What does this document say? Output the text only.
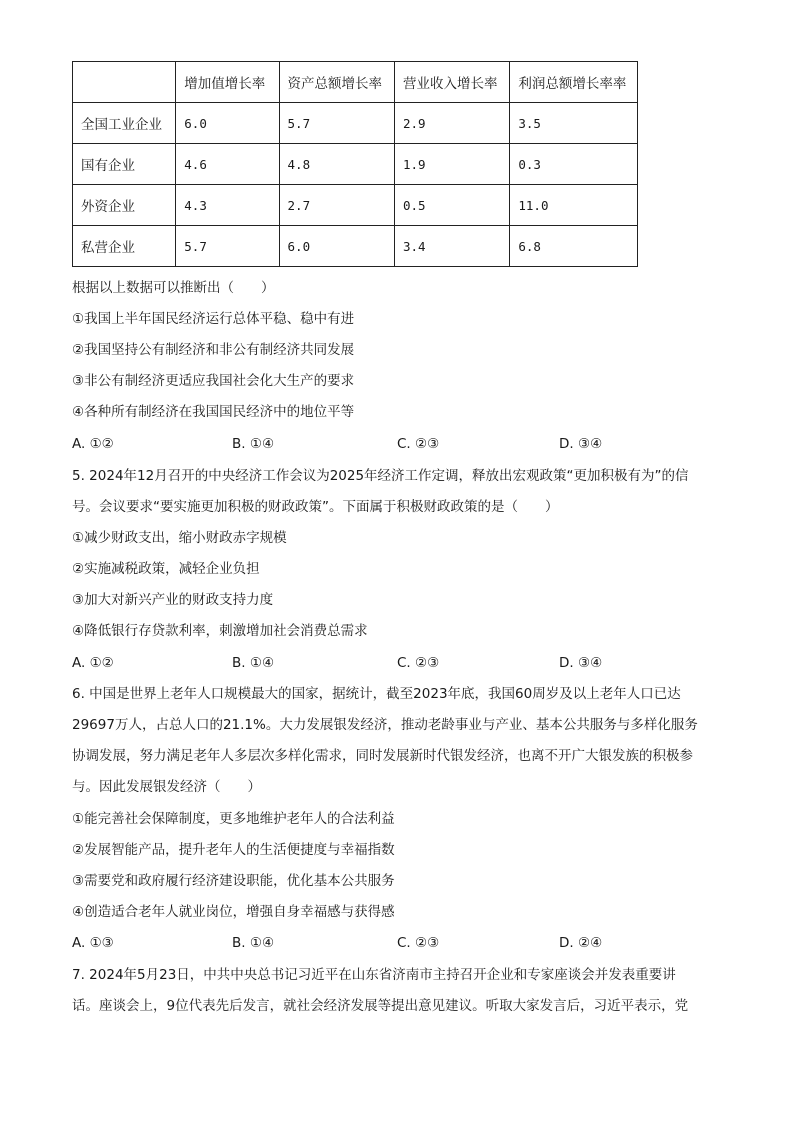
	增加值增长率	资产总额增长率	营业收入增长率	利润总额增长率率
全国工业企业	6.0	5.7	2.9	3.5
国有企业	4.6	4.8	1.9	0.3
外资企业	4.3	2.7	0.5	11.0
私营企业	5.7	6.0	3.4	6.8
根据以上数据可以推断出（　　）
①我国上半年国民经济运行总体平稳、稳中有进
②我国坚持公有制经济和非公有制经济共同发展
③非公有制经济更适应我国社会化大生产的要求
④各种所有制经济在我国国民经济中的地位平等
A. ①②	B. ①④	C. ②③	D. ③④
5. 2024年12月召开的中央经济工作会议为2025年经济工作定调，释放出宏观政策“更加积极有为”的信
号。会议要求“要实施更加积极的财政政策”。下面属于积极财政政策的是（　　）
①减少财政支出，缩小财政赤字规模
②实施减税政策，减轻企业负担
③加大对新兴产业的财政支持力度
④降低银行存贷款利率，刺激增加社会消费总需求
A. ①②	B. ①④	C. ②③	D. ③④
6. 中国是世界上老年人口规模最大的国家，据统计，截至2023年底，我国60周岁及以上老年人口已达
29697万人，占总人口的21.1%。大力发展银发经济，推动老龄事业与产业、基本公共服务与多样化服务
协调发展，努力满足老年人多层次多样化需求，同时发展新时代银发经济，也离不开广大银发族的积极参
与。因此发展银发经济（　　）
①能完善社会保障制度，更多地维护老年人的合法利益
②发展智能产品，提升老年人的生活便捷度与幸福指数
③需要党和政府履行经济建设职能，优化基本公共服务
④创造适合老年人就业岗位，增强自身幸福感与获得感
A. ①③	B. ①④	C. ②③	D. ②④
7. 2024年5月23日，中共中央总书记习近平在山东省济南市主持召开企业和专家座谈会并发表重要讲
话。座谈会上，9位代表先后发言，就社会经济发展等提出意见建议。听取大家发言后，习近平表示，党
